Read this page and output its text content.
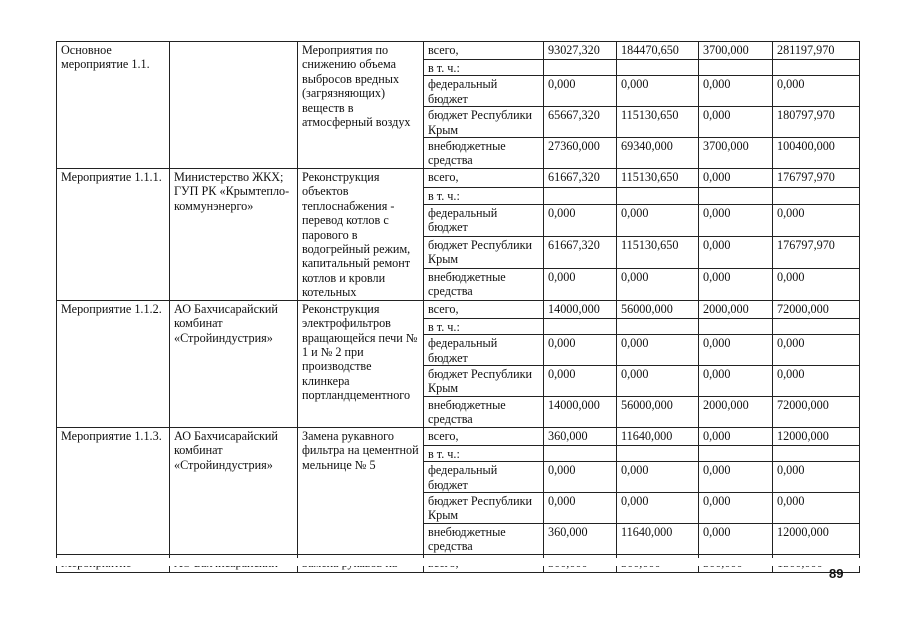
Основное мероприятие 1.1.		Мероприятия по снижению объема выбросов вредных (загрязняющих) веществ в атмосферный воздух	всего,	93027,320	184470,650	3700,000	281197,970
			в т. ч.:				
			федеральный бюджет	0,000	0,000	0,000	0,000
			бюджет Республики Крым	65667,320	115130,650	0,000	180797,970
			внебюджетные средства	27360,000	69340,000	3700,000	100400,000
Мероприятие 1.1.1.	Министерство ЖКХ; ГУП РК «Крымтепло-коммунэнерго»	Реконструкция объектов теплоснабжения - перевод котлов с парового в водогрейный режим, капитальный ремонт котлов и кровли котельных	всего,	61667,320	115130,650	0,000	176797,970
			в т. ч.:				
			федеральный бюджет	0,000	0,000	0,000	0,000
			бюджет Республики Крым	61667,320	115130,650	0,000	176797,970
			внебюджетные средства	0,000	0,000	0,000	0,000
Мероприятие 1.1.2.	АО Бахчисарайский комбинат «Стройиндустрия»	Реконструкция электрофильтров вращающейся печи № 1 и № 2 при производстве клинкера портландцементного	всего,	14000,000	56000,000	2000,000	72000,000
			в т. ч.:				
			федеральный бюджет	0,000	0,000	0,000	0,000
			бюджет Республики Крым	0,000	0,000	0,000	0,000
			внебюджетные средства	14000,000	56000,000	2000,000	72000,000
Мероприятие 1.1.3.	АО Бахчисарайский комбинат «Стройиндустрия»	Замена рукавного фильтра на цементной мельнице № 5	всего,	360,000	11640,000	0,000	12000,000
			в т. ч.:				
			федеральный бюджет	0,000	0,000	0,000	0,000
			бюджет Республики Крым	0,000	0,000	0,000	0,000
			внебюджетные средства	360,000	11640,000	0,000	12000,000

89
